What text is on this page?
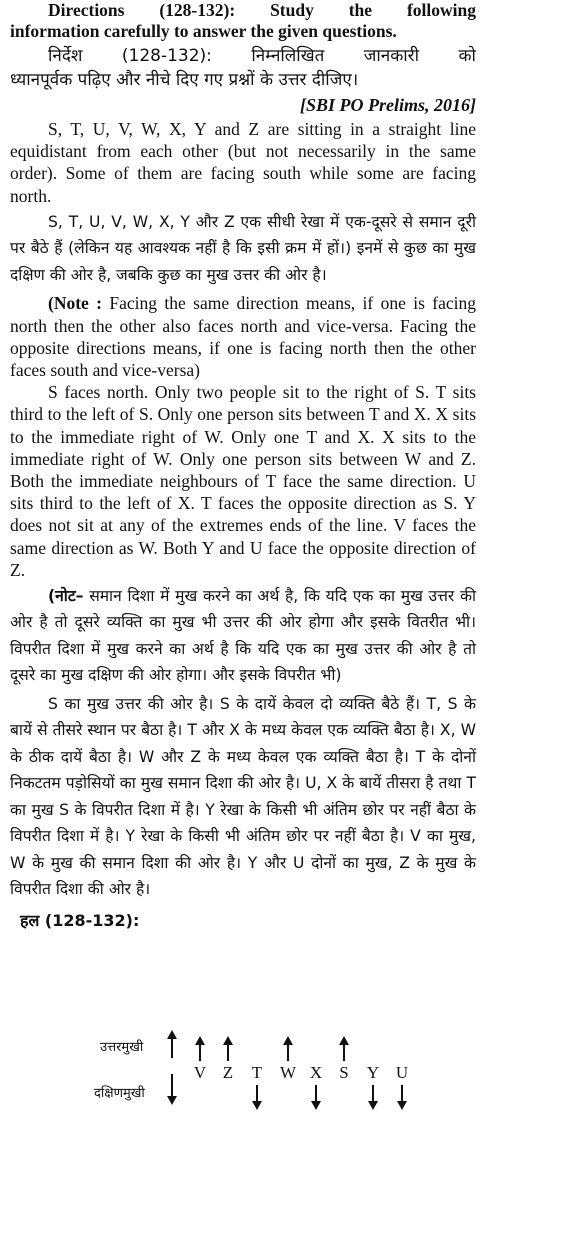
Directions (128-132): Study the following
information carefully to answer the given questions.
निर्देश (128-132): निम्नलिखित जानकारी को
ध्यानपूर्वक पढ़िए और नीचे दिए गए प्रश्नों के उत्तर दीजिए।
[SBI PO Prelims, 2016]

S, T, U, V, W, X, Y and Z are sitting in a straight line equidistant from each other (but not necessarily in the same order). Some of them are facing south while some are facing north.

S, T, U, V, W, X, Y और Z एक सीधी रेखा में एक-दूसरे से समान दूरी पर बैठे हैं (लेकिन यह आवश्यक नहीं है कि इसी क्रम में हों।) इनमें से कुछ का मुख दक्षिण की ओर है, जबकि कुछ का मुख उत्तर की ओर है।

(Note : Facing the same direction means, if one is facing north then the other also faces north and vice-versa. Facing the opposite directions means, if one is facing north then the other faces south and vice-versa)

S faces north. Only two people sit to the right of S. T sits third to the left of S. Only one person sits between T and X. X sits to the immediate right of W. Only one T and X. X sits to the immediate right of W. Only one person sits between W and Z. Both the immediate neighbours of T face the same direction. U sits third to the left of X. T faces the opposite direction as S. Y does not sit at any of the extremes ends of the line. V faces the same direction as W. Both Y and U face the opposite direction of Z.

(नोट– समान दिशा में मुख करने का अर्थ है, कि यदि एक का मुख उत्तर की ओर है तो दूसरे व्यक्ति का मुख भी उत्तर की ओर होगा और इसके वितरीत भी। विपरीत दिशा में मुख करने का अर्थ है कि यदि एक का मुख उत्तर की ओर है तो दूसरे का मुख दक्षिण की ओर होगा। और इसके विपरीत भी)

S का मुख उत्तर की ओर है। S के दायें केवल दो व्यक्ति बैठे हैं। T, S के बायें से तीसरे स्थान पर बैठा है। T और X के मध्य केवल एक व्यक्ति बैठा है। X, W के ठीक दायें बैठा है। W और Z के मध्य केवल एक व्यक्ति बैठा है। T के दोनों निकटतम पड़ोसियों का मुख समान दिशा की ओर है। U, X के बायें तीसरा है तथा T का मुख S के विपरीत दिशा में है। Y रेखा के किसी भी अंतिम छोर पर नहीं बैठा के विपरीत दिशा में है। Y रेखा के किसी भी अंतिम छोर पर नहीं बैठा है। V का मुख, W के मुख की समान दिशा की ओर है। Y और U दोनों का मुख, Z के मुख के विपरीत दिशा की ओर है।

हल (128-132):
उत्तरमुखी
दक्षिणमुखी
V Z	T	W X	S	Y U
